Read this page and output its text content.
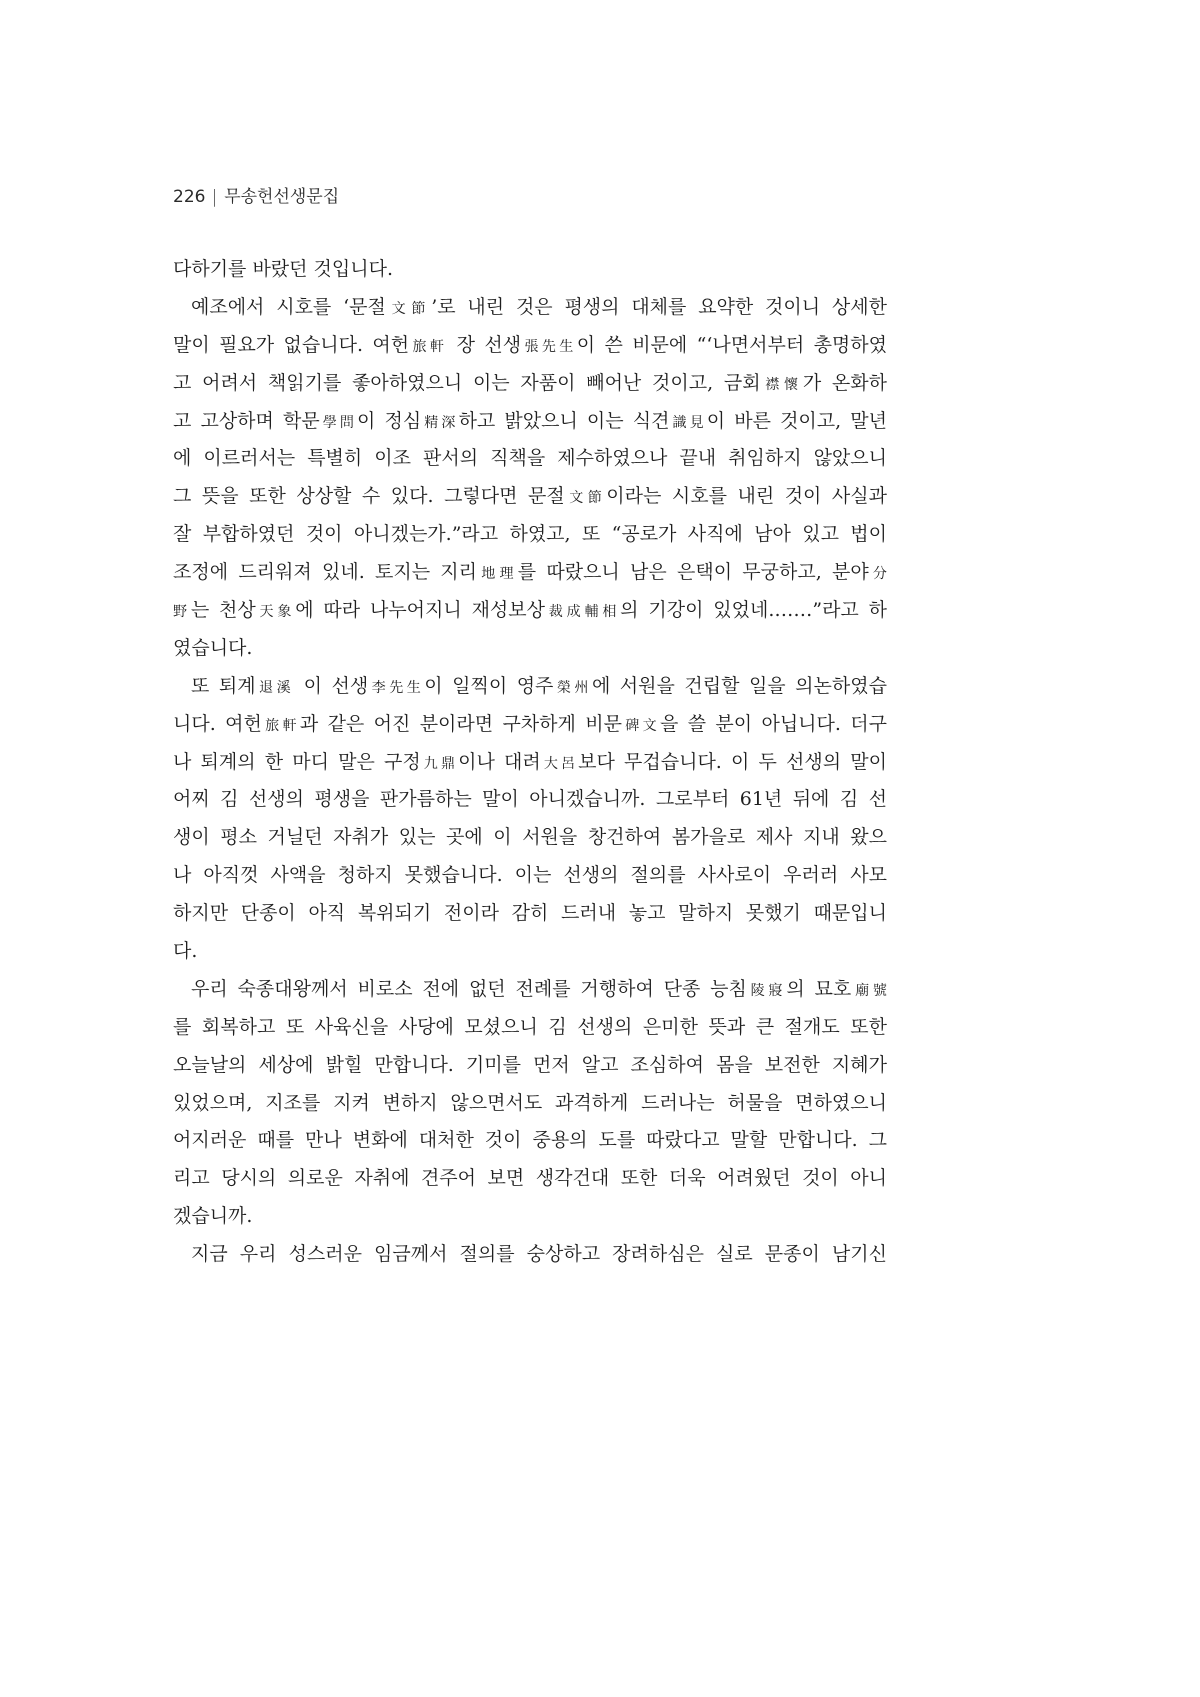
226 | 무송헌선생문집
다하기를 바랐던 것입니다.
예조에서 시호를 ‘문절文節’로 내린 것은 평생의 대체를 요약한 것이니 상세한
말이 필요가 없습니다. 여헌旅軒 장 선생張先生이 쓴 비문에 “‘나면서부터 총명하였
고 어려서 책읽기를 좋아하였으니 이는 자품이 빼어난 것이고, 금회襟懷가 온화하
고 고상하며 학문學問이 정심精深하고 밝았으니 이는 식견識見이 바른 것이고, 말년
에 이르러서는 특별히 이조 판서의 직책을 제수하였으나 끝내 취임하지 않았으니
그 뜻을 또한 상상할 수 있다. 그렇다면 문절文節이라는 시호를 내린 것이 사실과
잘 부합하였던 것이 아니겠는가.”라고 하였고, 또 “공로가 사직에 남아 있고 법이
조정에 드리워져 있네. 토지는 지리地理를 따랐으니 남은 은택이 무궁하고, 분야分
野는 천상天象에 따라 나누어지니 재성보상裁成輔相의 기강이 있었네.……”라고 하
였습니다.
또 퇴계退溪 이 선생李先生이 일찍이 영주榮州에 서원을 건립할 일을 의논하였습
니다. 여헌旅軒과 같은 어진 분이라면 구차하게 비문碑文을 쓸 분이 아닙니다. 더구
나 퇴계의 한 마디 말은 구정九鼎이나 대려大呂보다 무겁습니다. 이 두 선생의 말이
어찌 김 선생의 평생을 판가름하는 말이 아니겠습니까. 그로부터 61년 뒤에 김 선
생이 평소 거닐던 자취가 있는 곳에 이 서원을 창건하여 봄가을로 제사 지내 왔으
나 아직껏 사액을 청하지 못했습니다. 이는 선생의 절의를 사사로이 우러러 사모
하지만 단종이 아직 복위되기 전이라 감히 드러내 놓고 말하지 못했기 때문입니
다.
우리 숙종대왕께서 비로소 전에 없던 전례를 거행하여 단종 능침陵寢의 묘호廟號
를 회복하고 또 사육신을 사당에 모셨으니 김 선생의 은미한 뜻과 큰 절개도 또한
오늘날의 세상에 밝힐 만합니다. 기미를 먼저 알고 조심하여 몸을 보전한 지혜가
있었으며, 지조를 지켜 변하지 않으면서도 과격하게 드러나는 허물을 면하였으니
어지러운 때를 만나 변화에 대처한 것이 중용의 도를 따랐다고 말할 만합니다. 그
리고 당시의 의로운 자취에 견주어 보면 생각건대 또한 더욱 어려웠던 것이 아니
겠습니까.
지금 우리 성스러운 임금께서 절의를 숭상하고 장려하심은 실로 문종이 남기신
